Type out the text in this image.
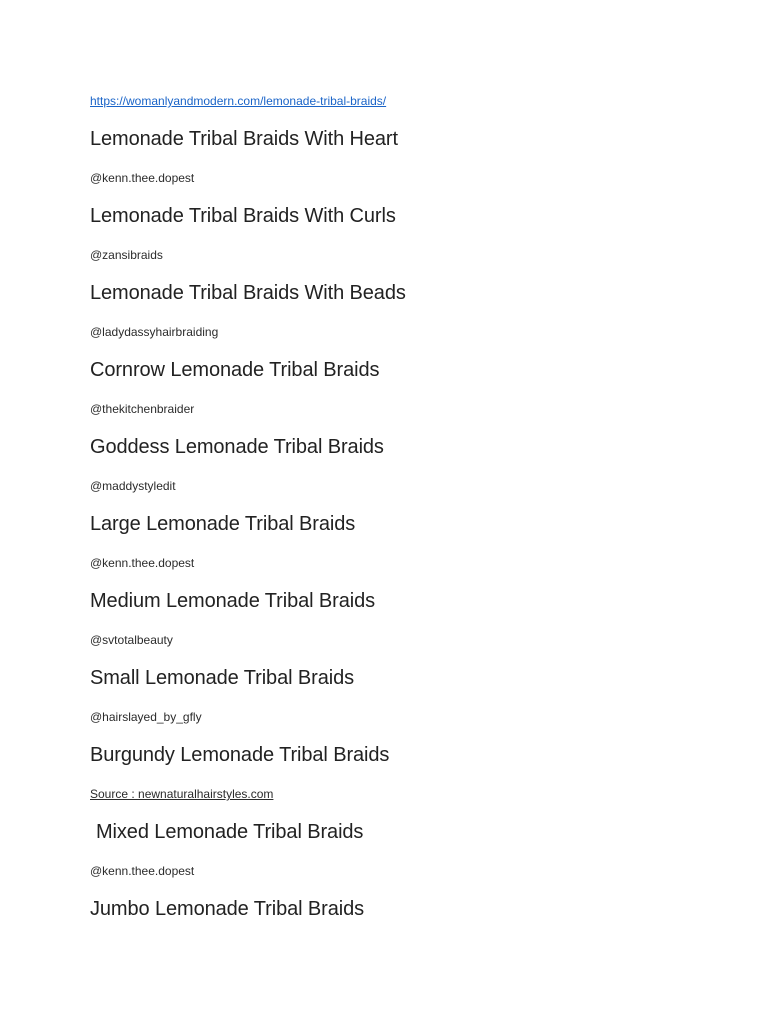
https://womanlyandmodern.com/lemonade-tribal-braids/
Lemonade Tribal Braids With Heart
@kenn.thee.dopest
Lemonade Tribal Braids With Curls
@zansibraids
Lemonade Tribal Braids With Beads
@ladydassyhairbraiding
Cornrow Lemonade Tribal Braids
@thekitchenbraider
Goddess Lemonade Tribal Braids
@maddystyledit
Large Lemonade Tribal Braids
@kenn.thee.dopest
Medium Lemonade Tribal Braids
@svtotalbeauty
Small Lemonade Tribal Braids
@hairslayed_by_gfly
Burgundy Lemonade Tribal Braids
Source : newnaturalhairstyles.com
Mixed Lemonade Tribal Braids
@kenn.thee.dopest
Jumbo Lemonade Tribal Braids
